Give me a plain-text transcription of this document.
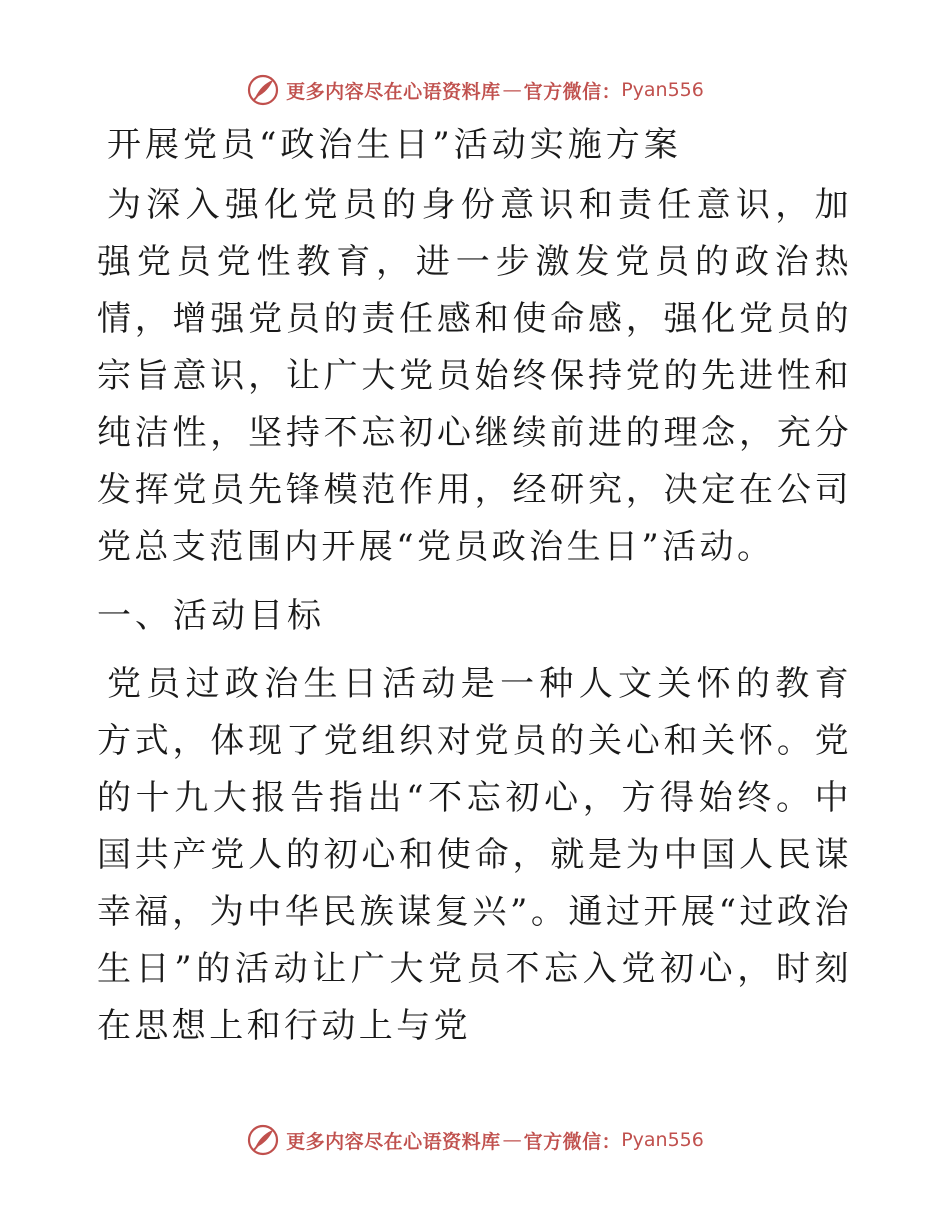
更多内容尽在心语资料库 — 官方微信： Pyan556
开展党员“政治生日”活动实施方案

为深入强化党员的身份意识和责任意识，加强党员党性教育，进一步激发党员的政治热情，增强党员的责任感和使命感，强化党员的宗旨意识，让广大党员始终保持党的先进性和纯洁性，坚持不忘初心继续前进的理念，充分发挥党员先锋模范作用，经研究，决定在公司党总支范围内开展“党员政治生日”活动。

一、活动目标

党员过政治生日活动是一种人文关怀的教育方式，体现了党组织对党员的关心和关怀。党的十九大报告指出“不忘初心，方得始终。中国共产党人的初心和使命，就是为中国人民谋幸福，为中华民族谋复兴”。通过开展“过政治生日”的活动让广大党员不忘入党初心，时刻在思想上和行动上与党

更多内容尽在心语资料库 — 官方微信： Pyan556
